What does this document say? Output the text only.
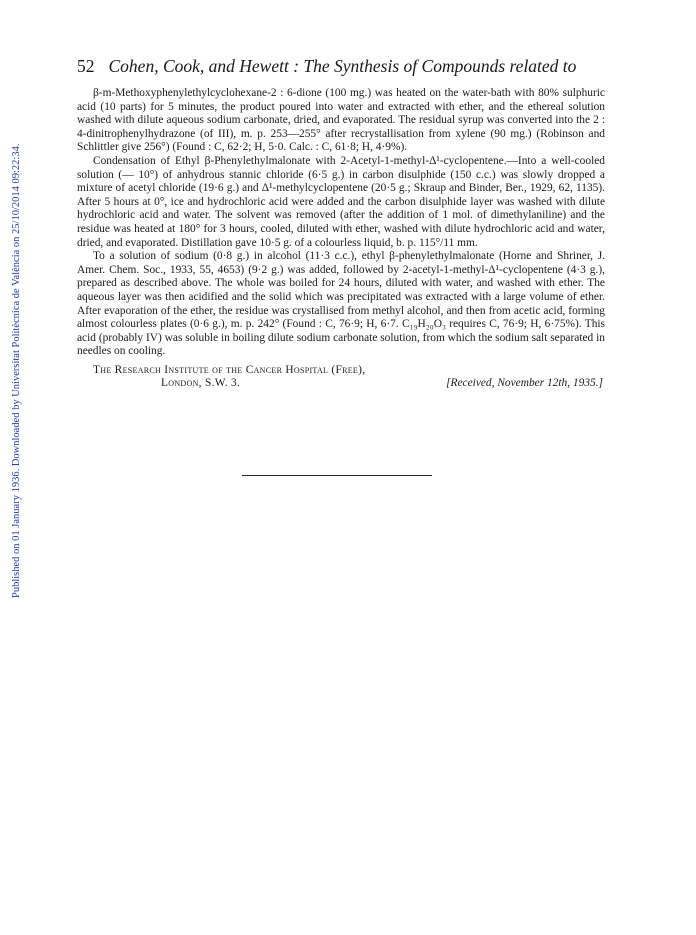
Published on 01 January 1936. Downloaded by Universitat Politècnica de València on 25/10/2014 09:22:34.
52 Cohen, Cook, and Hewett : The Synthesis of Compounds related to

β-m-Methoxyphenylethylcyclohexane-2 : 6-dione (100 mg.) was heated on the water-bath with 80% sulphuric acid (10 parts) for 5 minutes, the product poured into water and extracted with ether, and the ethereal solution washed with dilute aqueous sodium carbonate, dried, and evaporated. The residual syrup was converted into the 2 : 4-dinitrophenylhydrazone (of III), m. p. 253—255° after recrystallisation from xylene (90 mg.) (Robinson and Schlittler give 256°) (Found : C, 62·2; H, 5·0. Calc. : C, 61·8; H, 4·9%).

Condensation of Ethyl β-Phenylethylmalonate with 2-Acetyl-1-methyl-Δ¹-cyclopentene.—Into a well-cooled solution (— 10°) of anhydrous stannic chloride (6·5 g.) in carbon disulphide (150 c.c.) was slowly dropped a mixture of acetyl chloride (19·6 g.) and Δ¹-methylcyclopentene (20·5 g.; Skraup and Binder, Ber., 1929, 62, 1135). After 5 hours at 0°, ice and hydrochloric acid were added and the carbon disulphide layer was washed with dilute hydrochloric acid and water. The solvent was removed (after the addition of 1 mol. of dimethylaniline) and the residue was heated at 180° for 3 hours, cooled, diluted with ether, washed with dilute hydrochloric acid and water, dried, and evaporated. Distillation gave 10·5 g. of a colourless liquid, b. p. 115°/11 mm.

To a solution of sodium (0·8 g.) in alcohol (11·3 c.c.), ethyl β-phenylethylmalonate (Horne and Shriner, J. Amer. Chem. Soc., 1933, 55, 4653) (9·2 g.) was added, followed by 2-acetyl-1-methyl-Δ¹-cyclopentene (4·3 g.), prepared as described above. The whole was boiled for 24 hours, diluted with water, and washed with ether. The aqueous layer was then acidified and the solid which was precipitated was extracted with a large volume of ether. After evaporation of the ether, the residue was crystallised from methyl alcohol, and then from acetic acid, forming almost colourless plates (0·6 g.), m. p. 242° (Found : C, 76·9; H, 6·7. C₁₉H₂₀O₃ requires C, 76·9; H, 6·75%). This acid (probably IV) was soluble in boiling dilute sodium carbonate solution, from which the sodium salt separated in needles on cooling.

The Research Institute of the Cancer Hospital (Free),
London, S.W. 3.	[Received, November 12th, 1935.]
